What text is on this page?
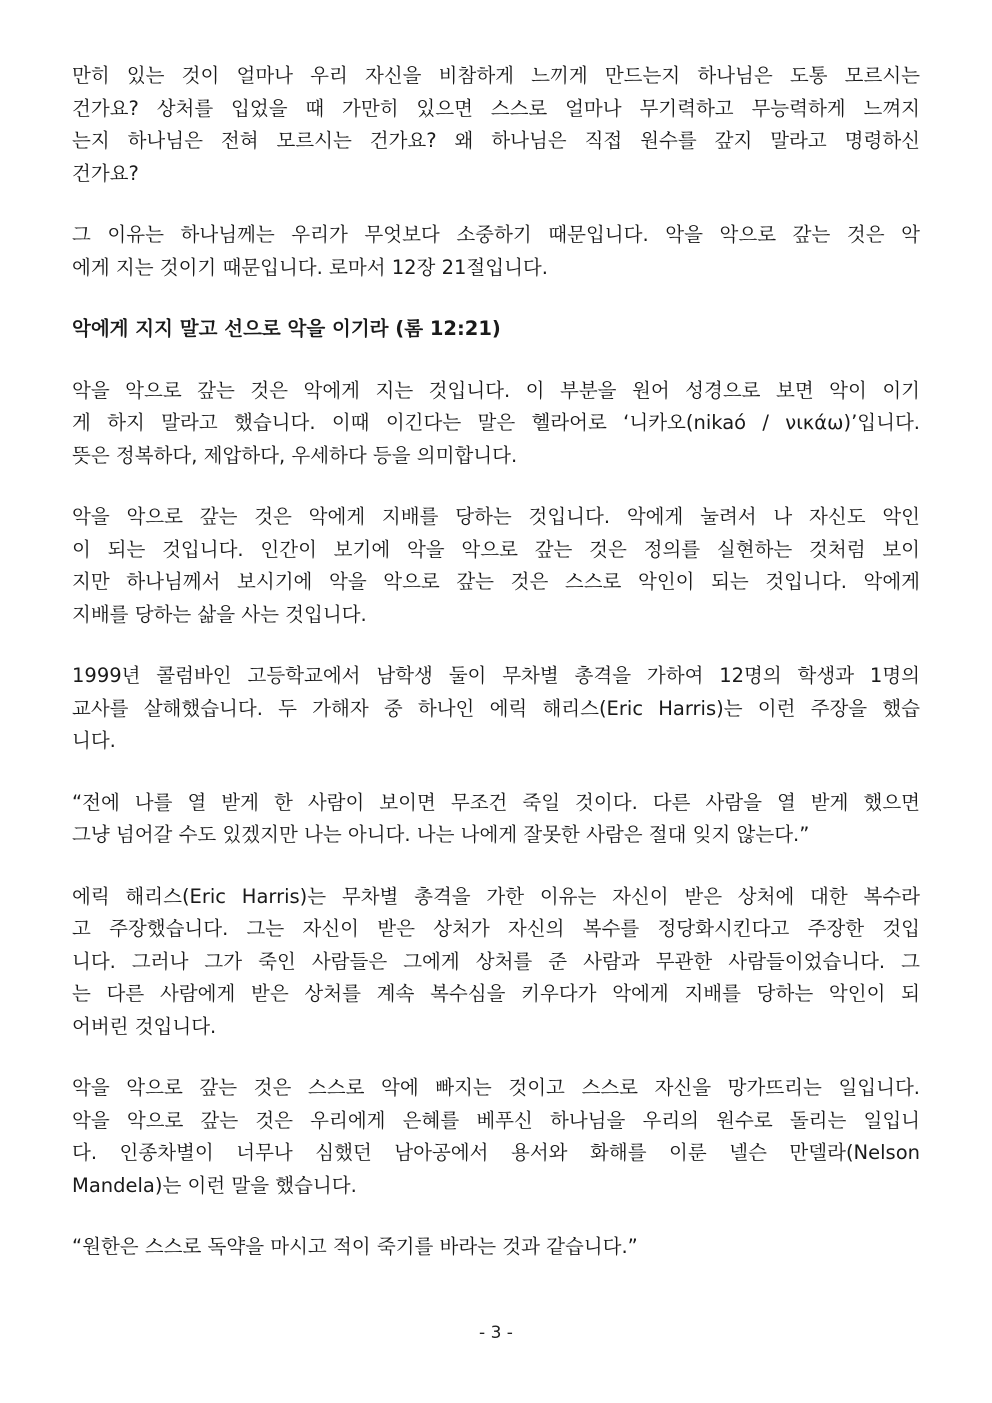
만히 있는 것이 얼마나 우리 자신을 비참하게 느끼게 만드는지 하나님은 도통 모르시는
건가요? 상처를 입었을 때 가만히 있으면 스스로 얼마나 무기력하고 무능력하게 느껴지
는지 하나님은 전혀 모르시는 건가요? 왜 하나님은 직접 원수를 갚지 말라고 명령하신
건가요?

그 이유는 하나님께는 우리가 무엇보다 소중하기 때문입니다. 악을 악으로 갚는 것은 악
에게 지는 것이기 때문입니다. 로마서 12장 21절입니다.

악에게 지지 말고 선으로 악을 이기라 (롬 12:21)

악을 악으로 갚는 것은 악에게 지는 것입니다. 이 부분을 원어 성경으로 보면 악이 이기
게 하지 말라고 했습니다. 이때 이긴다는 말은 헬라어로 ‘니카오(nikaó / νικάω)’입니다.
뜻은 정복하다, 제압하다, 우세하다 등을 의미합니다.

악을 악으로 갚는 것은 악에게 지배를 당하는 것입니다. 악에게 눌려서 나 자신도 악인
이 되는 것입니다. 인간이 보기에 악을 악으로 갚는 것은 정의를 실현하는 것처럼 보이
지만 하나님께서 보시기에 악을 악으로 갚는 것은 스스로 악인이 되는 것입니다. 악에게
지배를 당하는 삶을 사는 것입니다.

1999년 콜럼바인 고등학교에서 남학생 둘이 무차별 총격을 가하여 12명의 학생과 1명의
교사를 살해했습니다. 두 가해자 중 하나인 에릭 해리스(Eric Harris)는 이런 주장을 했습
니다.

“전에 나를 열 받게 한 사람이 보이면 무조건 죽일 것이다. 다른 사람을 열 받게 했으면
그냥 넘어갈 수도 있겠지만 나는 아니다. 나는 나에게 잘못한 사람은 절대 잊지 않는다.”

에릭 해리스(Eric Harris)는 무차별 총격을 가한 이유는 자신이 받은 상처에 대한 복수라
고 주장했습니다. 그는 자신이 받은 상처가 자신의 복수를 정당화시킨다고 주장한 것입
니다. 그러나 그가 죽인 사람들은 그에게 상처를 준 사람과 무관한 사람들이었습니다. 그
는 다른 사람에게 받은 상처를 계속 복수심을 키우다가 악에게 지배를 당하는 악인이 되
어버린 것입니다.

악을 악으로 갚는 것은 스스로 악에 빠지는 것이고 스스로 자신을 망가뜨리는 일입니다.
악을 악으로 갚는 것은 우리에게 은혜를 베푸신 하나님을 우리의 원수로 돌리는 일입니
다. 인종차별이 너무나 심했던 남아공에서 용서와 화해를 이룬 넬슨 만델라(Nelson
Mandela)는 이런 말을 했습니다.

“원한은 스스로 독약을 마시고 적이 죽기를 바라는 것과 같습니다.”

- 3 -
